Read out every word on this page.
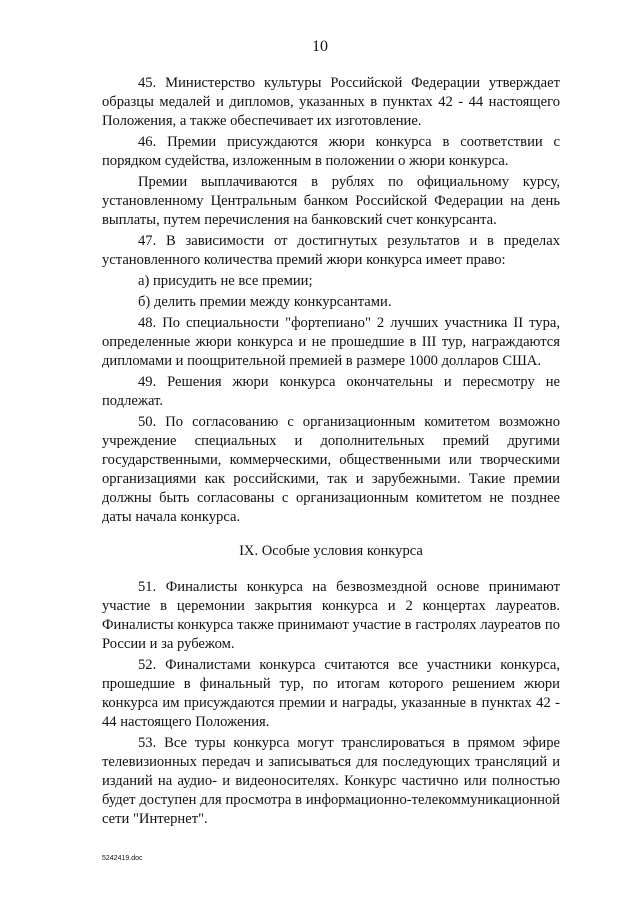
10

45. Министерство культуры Российской Федерации утверждает образцы медалей и дипломов, указанных в пунктах 42 - 44 настоящего Положения, а также обеспечивает их изготовление.

46. Премии присуждаются жюри конкурса в соответствии с порядком судейства, изложенным в положении о жюри конкурса.

Премии выплачиваются в рублях по официальному курсу, установленному Центральным банком Российской Федерации на день выплаты, путем перечисления на банковский счет конкурсанта.

47. В зависимости от достигнутых результатов и в пределах установленного количества премий жюри конкурса имеет право:

а) присудить не все премии;

б) делить премии между конкурсантами.

48. По специальности "фортепиано" 2 лучших участника II тура, определенные жюри конкурса и не прошедшие в III тур, награждаются дипломами и поощрительной премией в размере 1000 долларов США.

49. Решения жюри конкурса окончательны и пересмотру не подлежат.

50. По согласованию с организационным комитетом возможно учреждение специальных и дополнительных премий другими государственными, коммерческими, общественными или творческими организациями как российскими, так и зарубежными. Такие премии должны быть согласованы с организационным комитетом не позднее даты начала конкурса.

IX. Особые условия конкурса

51. Финалисты конкурса на безвозмездной основе принимают участие в церемонии закрытия конкурса и 2 концертах лауреатов. Финалисты конкурса также принимают участие в гастролях лауреатов по России и за рубежом.

52. Финалистами конкурса считаются все участники конкурса, прошедшие в финальный тур, по итогам которого решением жюри конкурса им присуждаются премии и награды, указанные в пунктах 42 - 44 настоящего Положения.

53. Все туры конкурса могут транслироваться в прямом эфире телевизионных передач и записываться для последующих трансляций и изданий на аудио- и видеоносителях. Конкурс частично или полностью будет доступен для просмотра в информационно-телекоммуникационной сети "Интернет".

5242419.doc
